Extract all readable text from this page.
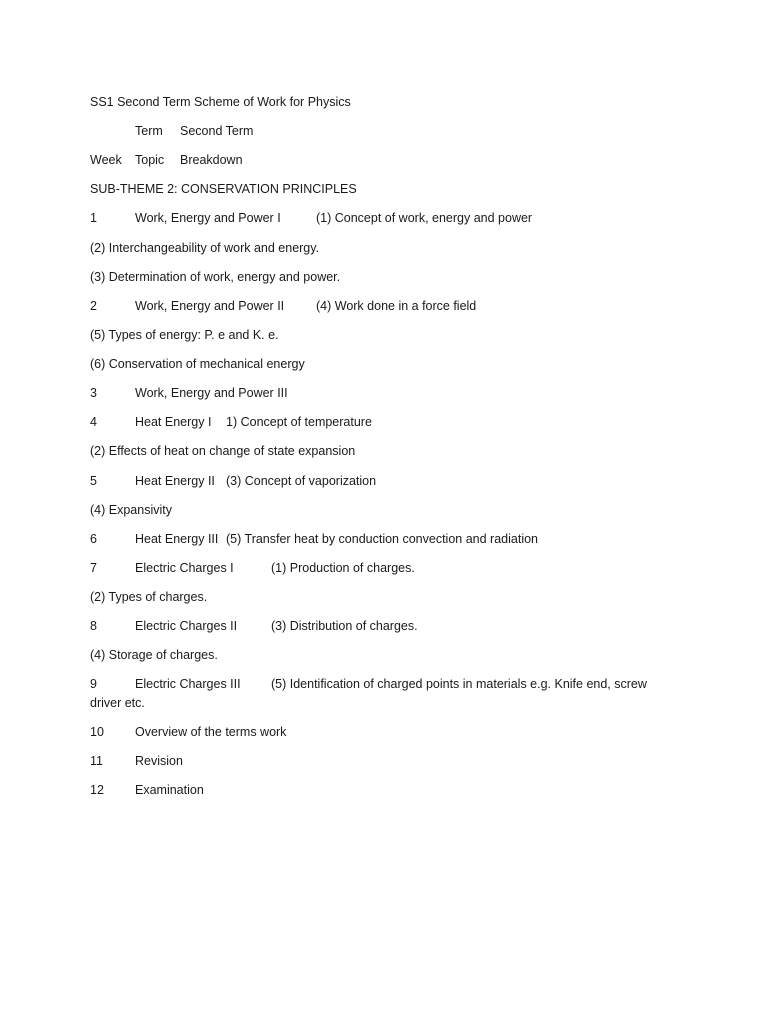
SS1 Second Term Scheme of Work for Physics
Term Second Term
Week Topic Breakdown
SUB-THEME 2: CONSERVATION PRINCIPLES
1	Work, Energy and Power I	(1) Concept of work, energy and power
(2) Interchangeability of work and energy.
(3) Determination of work, energy and power.
2	Work, Energy and Power II	(4) Work done in a force field
(5) Types of energy: P. e and K. e.
(6) Conservation of mechanical energy
3	Work, Energy and Power III
4	Heat Energy I 1) Concept of temperature
(2) Effects of heat on change of state expansion
5	Heat Energy II (3) Concept of vaporization
(4) Expansivity
6	Heat Energy III (5) Transfer heat by conduction convection and radiation
7	Electric Charges I	(1) Production of charges.
(2) Types of charges.
8	Electric Charges II	(3) Distribution of charges.
(4) Storage of charges.
9	Electric Charges III (5) Identification of charged points in materials e.g. Knife end, screw
driver etc.
10 Overview of the terms work
11	Revision
12 Examination
